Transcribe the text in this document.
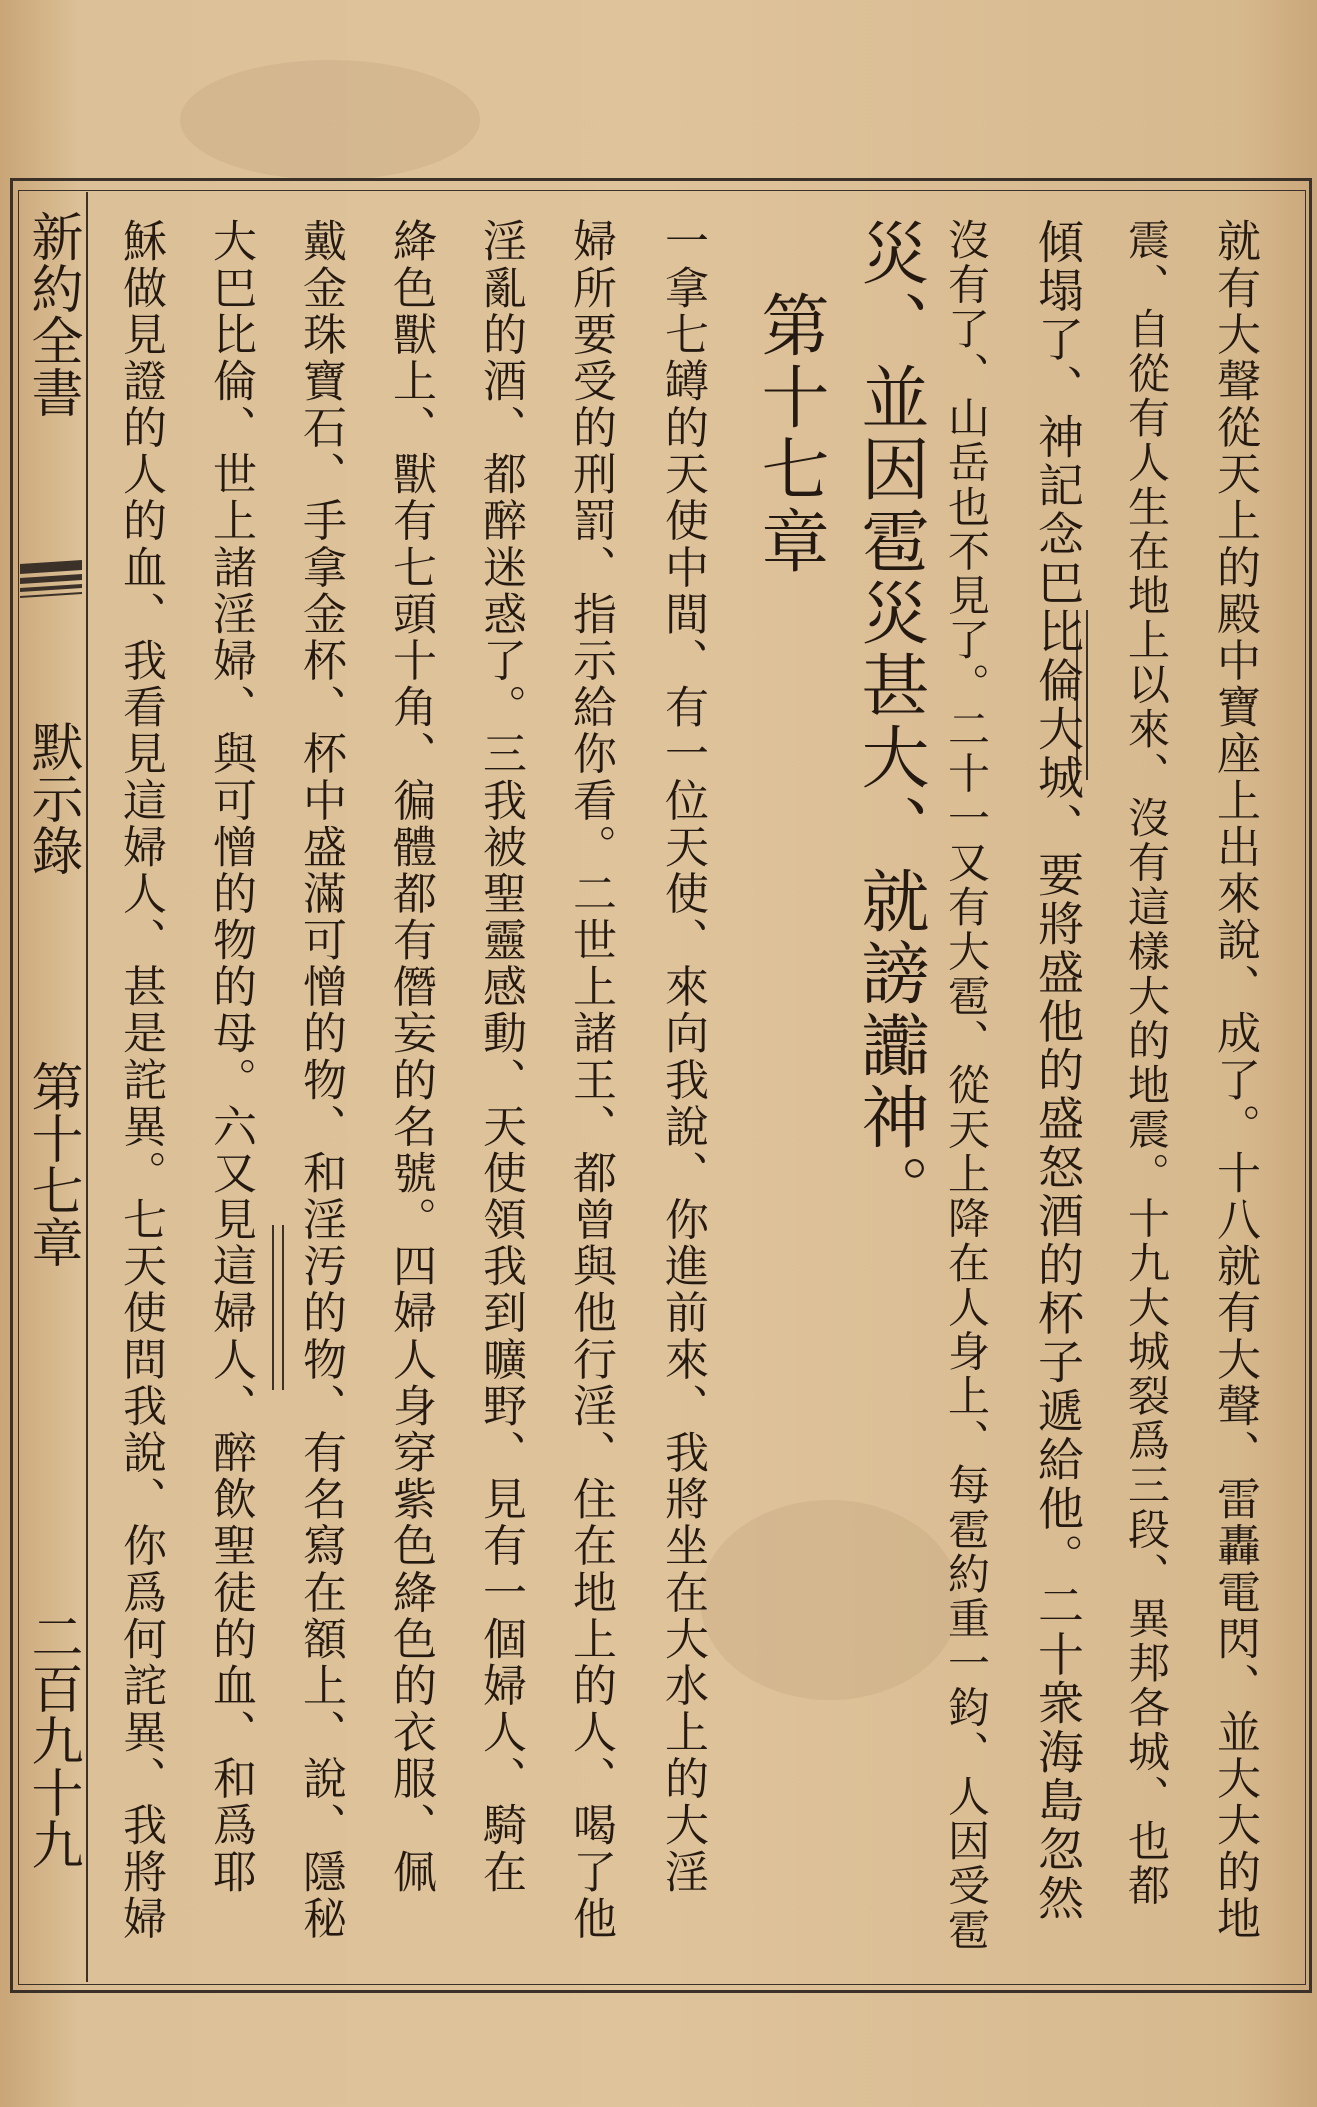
新約全書
默示錄
第十七章
二百九十九	就有大聲從天上的殿中寶座上出來說、成了。十八就有大聲、雷轟電閃、並大大的地
震、自從有人生在地上以來、沒有這樣大的地震。十九大城裂爲三段、異邦各城、也都
傾塌了、神記念巴比倫大城、要將盛他的盛怒酒的杯子遞給他。二十衆海島忽然
沒有了、山岳也不見了。二十一又有大雹、從天上降在人身上、每雹約重一鈞、人因受雹
災、並因雹災甚大、就謗讟神。
第十七章
一拿七罇的天使中間、有一位天使、來向我說、你進前來、我將坐在大水上的大淫
婦所要受的刑罰、指示給你看。二世上諸王、都曾與他行淫、住在地上的人、喝了他
淫亂的酒、都醉迷惑了。三我被聖靈感動、天使領我到曠野、見有一個婦人、騎在
絳色獸上、獸有七頭十角、徧體都有僭妄的名號。四婦人身穿紫色絳色的衣服、佩
戴金珠寶石、手拿金杯、杯中盛滿可憎的物、和淫汚的物、有名寫在額上、說、隱秘
大巴比倫、世上諸淫婦、與可憎的物的母。六又見這婦人、醉飲聖徒的血、和爲耶
穌做見證的人的血、我看見這婦人、甚是詫異。七天使問我說、你爲何詫異、我將婦
